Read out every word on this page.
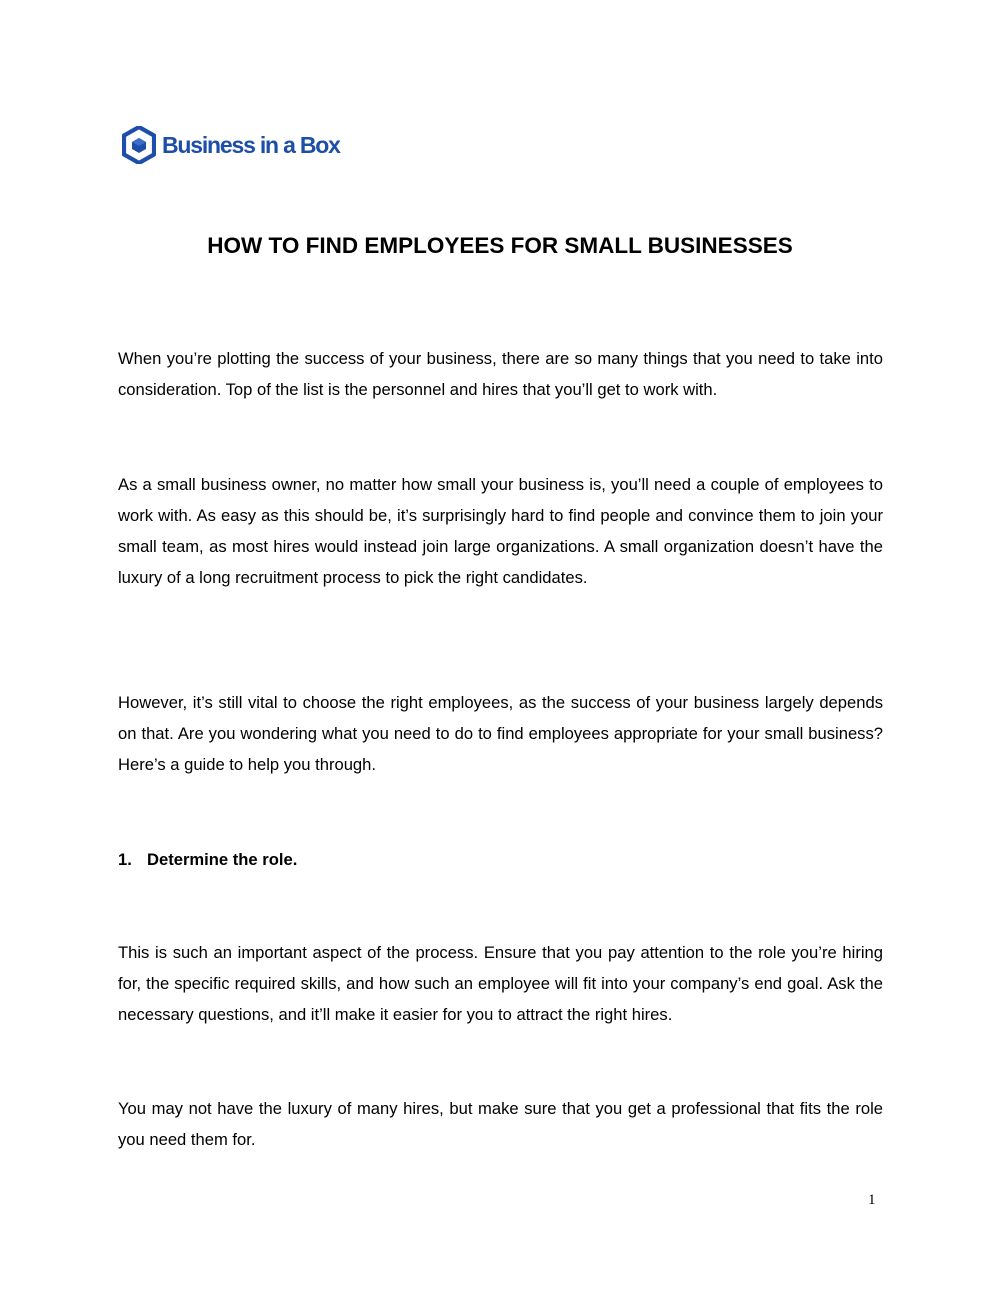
Business in a Box
HOW TO FIND EMPLOYEES FOR SMALL BUSINESSES

When you’re plotting the success of your business, there are so many things that you need to take into consideration. Top of the list is the personnel and hires that you’ll get to work with.

As a small business owner, no matter how small your business is, you’ll need a couple of employees to work with. As easy as this should be, it’s surprisingly hard to find people and convince them to join your small team, as most hires would instead join large organizations. A small organization doesn’t have the luxury of a long recruitment process to pick the right candidates.

However, it’s still vital to choose the right employees, as the success of your business largely depends on that. Are you wondering what you need to do to find employees appropriate for your small business? Here’s a guide to help you through.

1. Determine the role.

This is such an important aspect of the process. Ensure that you pay attention to the role you’re hiring for, the specific required skills, and how such an employee will fit into your company’s end goal. Ask the necessary questions, and it’ll make it easier for you to attract the right hires.

You may not have the luxury of many hires, but make sure that you get a professional that fits the role you need them for.

1
